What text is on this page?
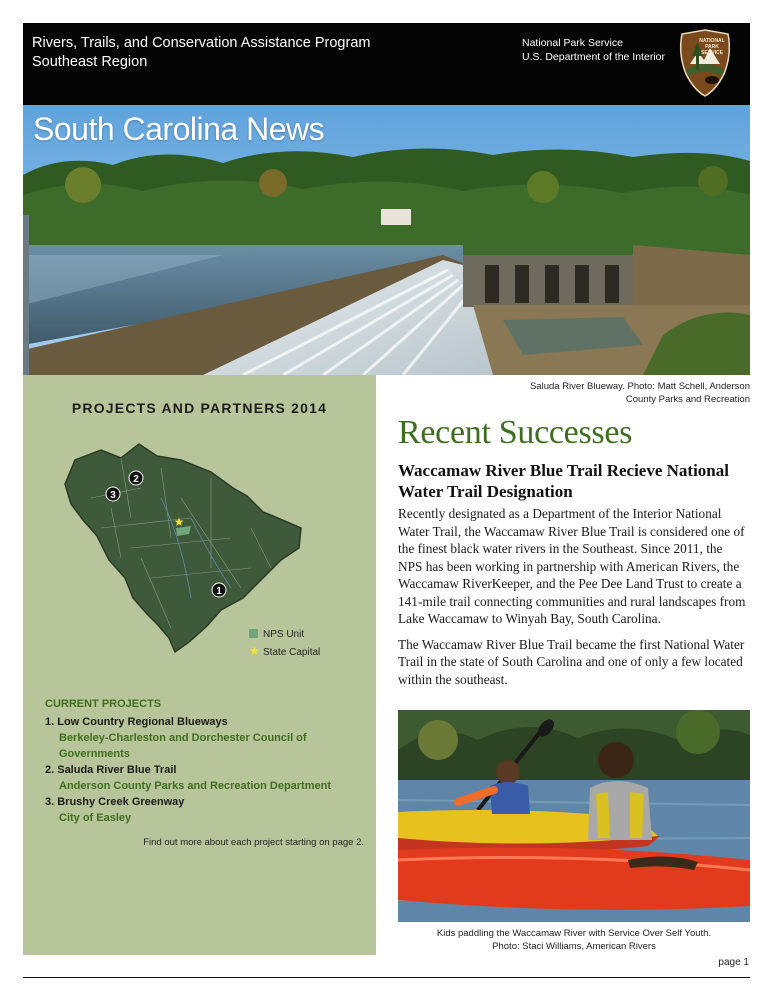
Rivers, Trails, and Conservation Assistance Program
Southeast Region
National Park Service
U.S. Department of the Interior
NATIONAL
PARK
SERVICE
South Carolina News
PROJECTS AND PARTNERS 2014
★
2
3
1
NPS Unit
★ State Capital
CURRENT PROJECTS
1. Low Country Regional Blueways
Berkeley-Charleston and Dorchester Council of
Governments
2. Saluda River Blue Trail
Anderson County Parks and Recreation Department
3. Brushy Creek Greenway
City of Easley
Find out more about each project starting on page 2.
Saluda River Blueway. Photo: Matt Schell, Anderson
County Parks and Recreation
Recent Successes
Waccamaw River Blue Trail Recieve National Water Trail Designation

Recently designated as a Department of the Interior National Water Trail, the Waccamaw River Blue Trail is considered one of the finest black water rivers in the Southeast. Since 2011, the NPS has been working in partnership with American Rivers, the Waccamaw RiverKeeper, and the Pee Dee Land Trust to create a 141-mile trail connecting communities and rural landscapes from Lake Waccamaw to Winyah Bay, South Carolina.

The Waccamaw River Blue Trail became the first National Water Trail in the state of South Carolina and one of only a few located within the southeast.

Kids paddling the Waccamaw River with Service Over Self Youth.
Photo: Staci Williams, American Rivers
page 1
